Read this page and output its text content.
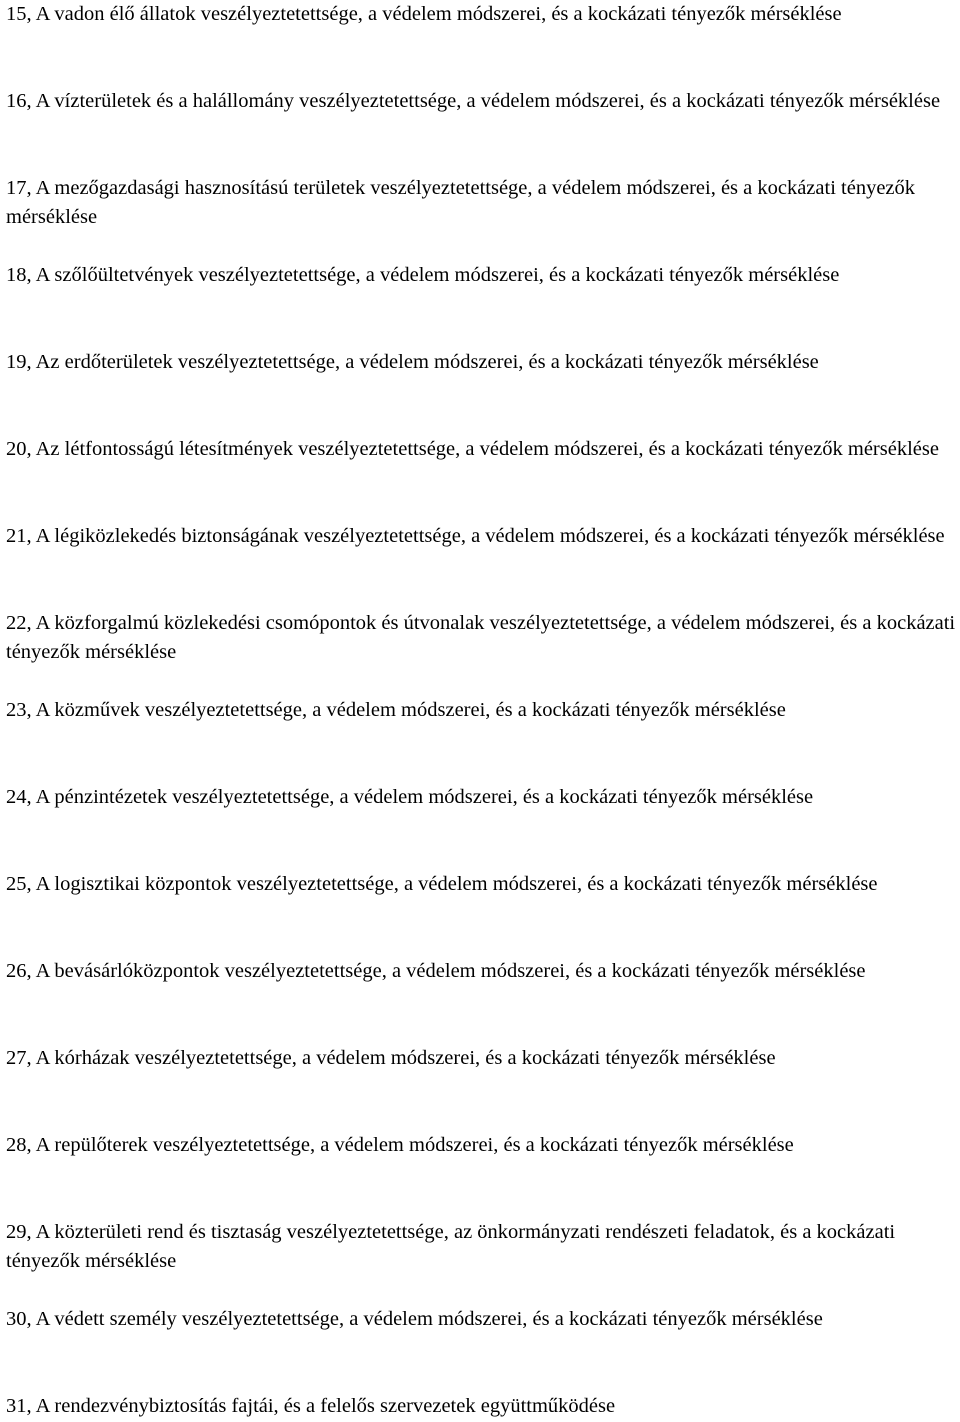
15, A vadon élő állatok veszélyeztetettsége, a védelem módszerei, és a kockázati tényezők mérséklése

16, A vízterületek és a halállomány veszélyeztetettsége, a védelem módszerei, és a kockázati tényezők mérséklése

17, A mezőgazdasági hasznosítású területek veszélyeztetettsége, a védelem módszerei, és a kockázati tényezők mérséklése

18, A szőlőültetvények veszélyeztetettsége, a védelem módszerei, és a kockázati tényezők mérséklése

19, Az erdőterületek veszélyeztetettsége, a védelem módszerei, és a kockázati tényezők mérséklése

20, Az létfontosságú létesítmények veszélyeztetettsége, a védelem módszerei, és a kockázati tényezők mérséklése

21, A légiközlekedés biztonságának veszélyeztetettsége, a védelem módszerei, és a kockázati tényezők mérséklése

22, A közforgalmú közlekedési csomópontok és útvonalak veszélyeztetettsége, a védelem módszerei, és a kockázati tényezők mérséklése

23, A közművek veszélyeztetettsége, a védelem módszerei, és a kockázati tényezők mérséklése

24, A pénzintézetek veszélyeztetettsége, a védelem módszerei, és a kockázati tényezők mérséklése

25, A logisztikai központok veszélyeztetettsége, a védelem módszerei, és a kockázati tényezők mérséklése

26, A bevásárlóközpontok veszélyeztetettsége, a védelem módszerei, és a kockázati tényezők mérséklése

27, A kórházak veszélyeztetettsége, a védelem módszerei, és a kockázati tényezők mérséklése

28, A repülőterek veszélyeztetettsége, a védelem módszerei, és a kockázati tényezők mérséklése

29, A közterületi rend és tisztaság veszélyeztetettsége, az önkormányzati rendészeti feladatok, és a kockázati tényezők mérséklése

30, A védett személy veszélyeztetettsége, a védelem módszerei, és a kockázati tényezők mérséklése

31, A rendezvénybiztosítás fajtái, és a felelős szervezetek együttműködése
